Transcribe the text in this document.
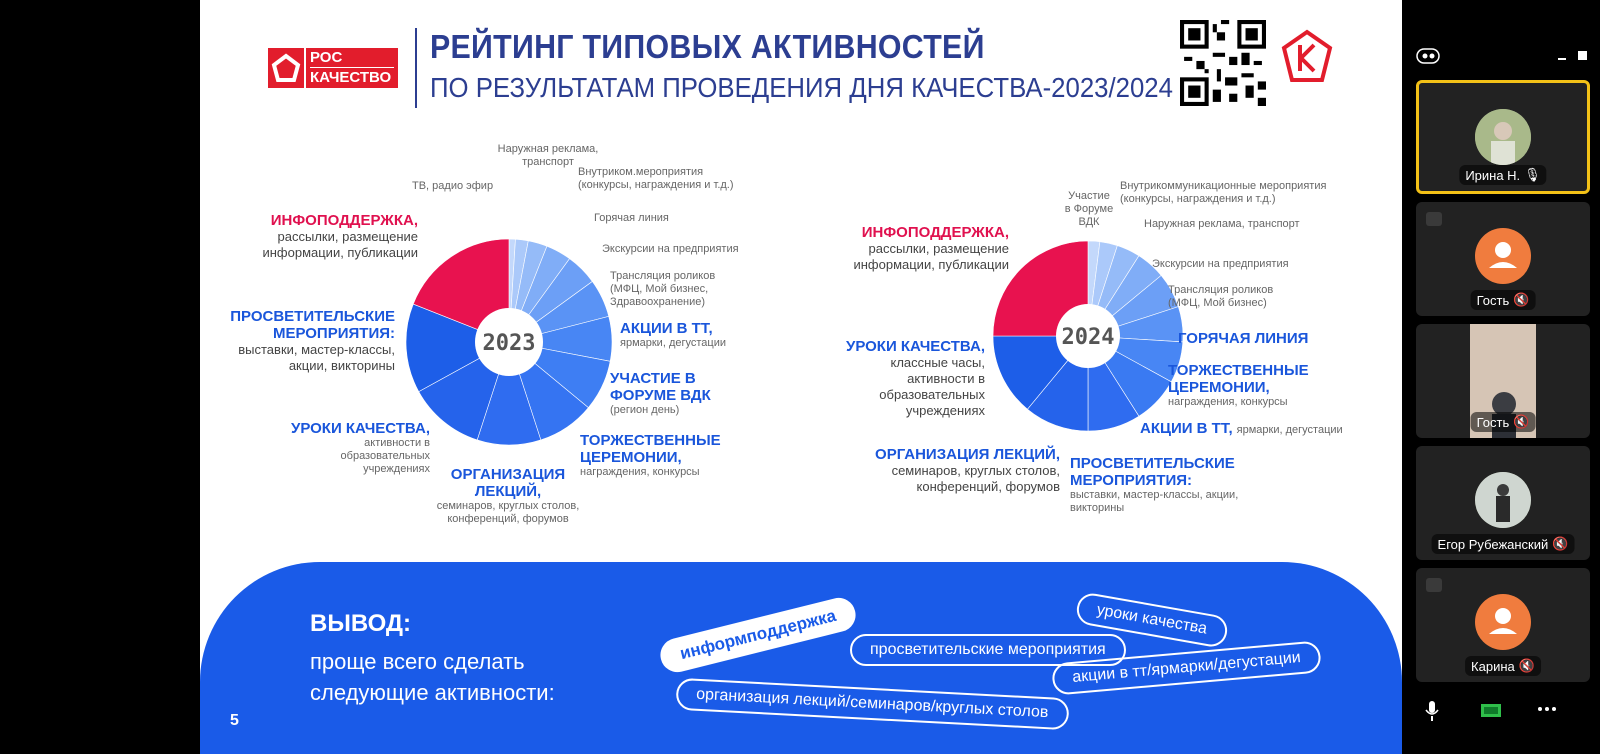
РОС
КАЧЕСТВО
РЕЙТИНГ ТИПОВЫХ АКТИВНОСТЕЙ
ПО РЕЗУЛЬТАТАМ ПРОВЕДЕНИЯ ДНЯ КАЧЕСТВА-2023/2024
2023	2024
Наружная реклама,
транспорт
ТВ, радио эфир
Внутриком.мероприятия
(конкурсы, награждения и т.д.)
Горячая линия
Экскурсии на предприятия
Трансляция роликов
(МФЦ, Мой бизнес, Здравоохранение)
АКЦИИ В ТТ,
ярмарки, дегустации
УЧАСТИЕ В ФОРУМЕ ВДК
(регион день)
ТОРЖЕСТВЕННЫЕ ЦЕРЕМОНИИ,
награждения, конкурсы
ОРГАНИЗАЦИЯ ЛЕКЦИЙ,
семинаров, круглых столов, конференций, форумов
УРОКИ КАЧЕСТВА,
активности в образовательных учреждениях
ПРОСВЕТИТЕЛЬСКИЕ МЕРОПРИЯТИЯ:
выставки, мастер-классы, акции, викторины
ИНФОПОДДЕРЖКА,
рассылки, размещение информации, публикации
Участие в Форуме ВДК
Внутрикоммуникационные мероприятия
(конкурсы, награждения и т.д.)
Наружная реклама, транспорт
Экскурсии на предприятия
Трансляция роликов
(МФЦ, Мой бизнес)
ГОРЯЧАЯ ЛИНИЯ
ТОРЖЕСТВЕННЫЕ ЦЕРЕМОНИИ,
награждения, конкурсы
АКЦИИ В ТТ, ярмарки, дегустации
ПРОСВЕТИТЕЛЬСКИЕ МЕРОПРИЯТИЯ:
выставки, мастер-классы, акции, викторины
ОРГАНИЗАЦИЯ ЛЕКЦИЙ,
семинаров, круглых столов, конференций, форумов
УРОКИ КАЧЕСТВА,
классные часы, активности в образовательных учреждениях
ИНФОПОДДЕРЖКА,
рассылки, размещение информации, публикации
ВЫВОД:
проще всего сделать
следующие активности:
информподдержка	просветительские мероприятия
уроки качества
акции в тт/ярмарки/дегустации
организация лекций/семинаров/круглых столов
5
Ирина Н. 🎙
Гость 🔇
Гость 🔇
Егор Рубежанский 🔇
Карина 🔇
